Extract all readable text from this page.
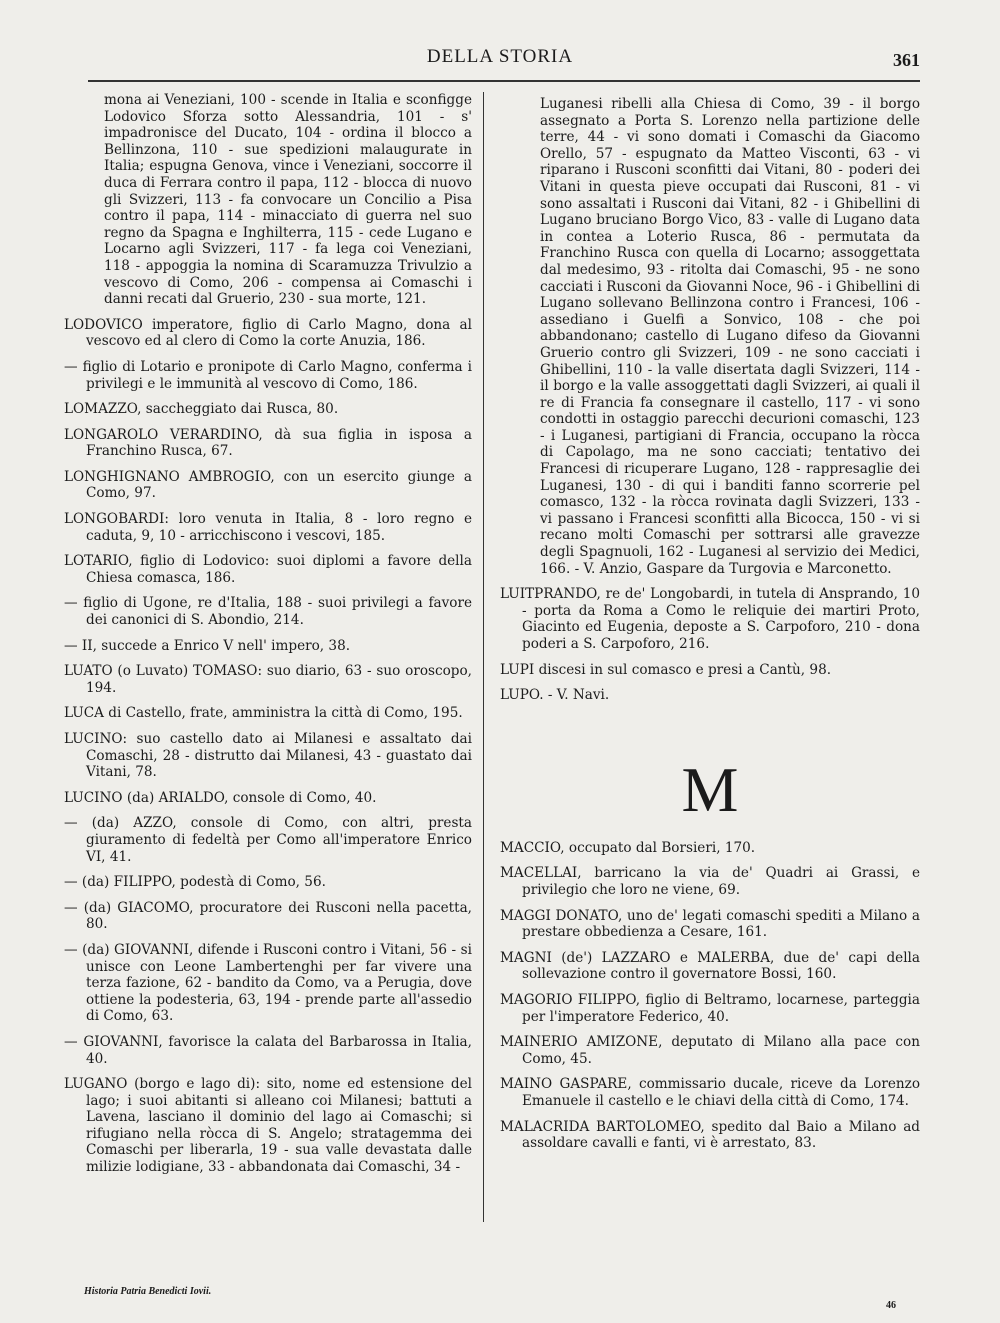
DELLA STORIA	361

mona ai Veneziani, 100 - scende in Italia e sconfigge Lodovico Sforza sotto Alessandria, 101 - s' impadronisce del Ducato, 104 - ordina il blocco a Bellinzona, 110 - sue spedizioni malaugurate in Italia; espugna Genova, vince i Veneziani, soccorre il duca di Ferrara contro il papa, 112 - blocca di nuovo gli Svizzeri, 113 - fa convocare un Concilio a Pisa contro il papa, 114 - minacciato di guerra nel suo regno da Spagna e Inghilterra, 115 - cede Lugano e Locarno agli Svizzeri, 117 - fa lega coi Veneziani, 118 - appoggia la nomina di Scaramuzza Trivulzio a vescovo di Como, 206 - compensa ai Comaschi i danni recati dal Gruerio, 230 - sua morte, 121.

LODOVICO imperatore, figlio di Carlo Magno, dona al vescovo ed al clero di Como la corte Anuzia, 186.

— figlio di Lotario e pronipote di Carlo Magno, conferma i privilegi e le immunità al vescovo di Como, 186.

LOMAZZO, saccheggiato dai Rusca, 80.

LONGAROLO VERARDINO, dà sua figlia in isposa a Franchino Rusca, 67.

LONGHIGNANO AMBROGIO, con un esercito giunge a Como, 97.

LONGOBARDI: loro venuta in Italia, 8 - loro regno e caduta, 9, 10 - arricchiscono i vescovi, 185.

LOTARIO, figlio di Lodovico: suoi diplomi a favore della Chiesa comasca, 186.

— figlio di Ugone, re d'Italia, 188 - suoi privilegi a favore dei canonici di S. Abondio, 214.

— II, succede a Enrico V nell' impero, 38.

LUATO (o Luvato) TOMASO: suo diario, 63 - suo oroscopo, 194.

LUCA di Castello, frate, amministra la città di Como, 195.

LUCINO: suo castello dato ai Milanesi e assaltato dai Comaschi, 28 - distrutto dai Milanesi, 43 - guastato dai Vitani, 78.

LUCINO (da) ARIALDO, console di Como, 40.

— (da) AZZO, console di Como, con altri, presta giuramento di fedeltà per Como all'imperatore Enrico VI, 41.

— (da) FILIPPO, podestà di Como, 56.

— (da) GIACOMO, procuratore dei Rusconi nella pacetta, 80.

— (da) GIOVANNI, difende i Rusconi contro i Vitani, 56 - si unisce con Leone Lambertenghi per far vivere una terza fazione, 62 - bandito da Como, va a Perugia, dove ottiene la podesteria, 63, 194 - prende parte all'assedio di Como, 63.

— GIOVANNI, favorisce la calata del Barbarossa in Italia, 40.

LUGANO (borgo e lago di): sito, nome ed estensione del lago; i suoi abitanti si alleano coi Milanesi; battuti a Lavena, lasciano il dominio del lago ai Comaschi; si rifugiano nella ròcca di S. Angelo; stratagemma dei Comaschi per liberarla, 19 - sua valle devastata dalle milizie lodigiane, 33 - abbandonata dai Comaschi, 34 -

Luganesi ribelli alla Chiesa di Como, 39 - il borgo assegnato a Porta S. Lorenzo nella partizione delle terre, 44 - vi sono domati i Comaschi da Giacomo Orello, 57 - espugnato da Matteo Visconti, 63 - vi riparano i Rusconi sconfitti dai Vitani, 80 - poderi dei Vitani in questa pieve occupati dai Rusconi, 81 - vi sono assaltati i Rusconi dai Vitani, 82 - i Ghibellini di Lugano bruciano Borgo Vico, 83 - valle di Lugano data in contea a Loterio Rusca, 86 - permutata da Franchino Rusca con quella di Locarno; assoggettata dal medesimo, 93 - ritolta dai Comaschi, 95 - ne sono cacciati i Rusconi da Giovanni Noce, 96 - i Ghibellini di Lugano sollevano Bellinzona contro i Francesi, 106 - assediano i Guelfi a Sonvico, 108 - che poi abbandonano; castello di Lugano difeso da Giovanni Gruerio contro gli Svizzeri, 109 - ne sono cacciati i Ghibellini, 110 - la valle disertata dagli Svizzeri, 114 - il borgo e la valle assoggettati dagli Svizzeri, ai quali il re di Francia fa consegnare il castello, 117 - vi sono condotti in ostaggio parecchi decurioni comaschi, 123 - i Luganesi, partigiani di Francia, occupano la ròcca di Capolago, ma ne sono cacciati; tentativo dei Francesi di ricuperare Lugano, 128 - rappresaglie dei Luganesi, 130 - di qui i banditi fanno scorrerie pel comasco, 132 - la ròcca rovinata dagli Svizzeri, 133 - vi passano i Francesi sconfitti alla Bicocca, 150 - vi si recano molti Comaschi per sottrarsi alle gravezze degli Spagnuoli, 162 - Luganesi al servizio dei Medici, 166. - V. Anzio, Gaspare da Turgovia e Marconetto.

LUITPRANDO, re de' Longobardi, in tutela di Ansprando, 10 - porta da Roma a Como le reliquie dei martiri Proto, Giacinto ed Eugenia, deposte a S. Carpoforo, 210 - dona poderi a S. Carpoforo, 216.

LUPI discesi in sul comasco e presi a Cantù, 98.

LUPO. - V. Navi.

M

MACCIO, occupato dal Borsieri, 170.

MACELLAI, barricano la via de' Quadri ai Grassi, e privilegio che loro ne viene, 69.

MAGGI DONATO, uno de' legati comaschi spediti a Milano a prestare obbedienza a Cesare, 161.

MAGNI (de') LAZZARO e MALERBA, due de' capi della sollevazione contro il governatore Bossi, 160.

MAGORIO FILIPPO, figlio di Beltramo, locarnese, parteggia per l'imperatore Federico, 40.

MAINERIO AMIZONE, deputato di Milano alla pace con Como, 45.

MAINO GASPARE, commissario ducale, riceve da Lorenzo Emanuele il castello e le chiavi della città di Como, 174.

MALACRIDA BARTOLOMEO, spedito dal Baio a Milano ad assoldare cavalli e fanti, vi è arrestato, 83.

Historia Patria Benedicti Iovii.
46
